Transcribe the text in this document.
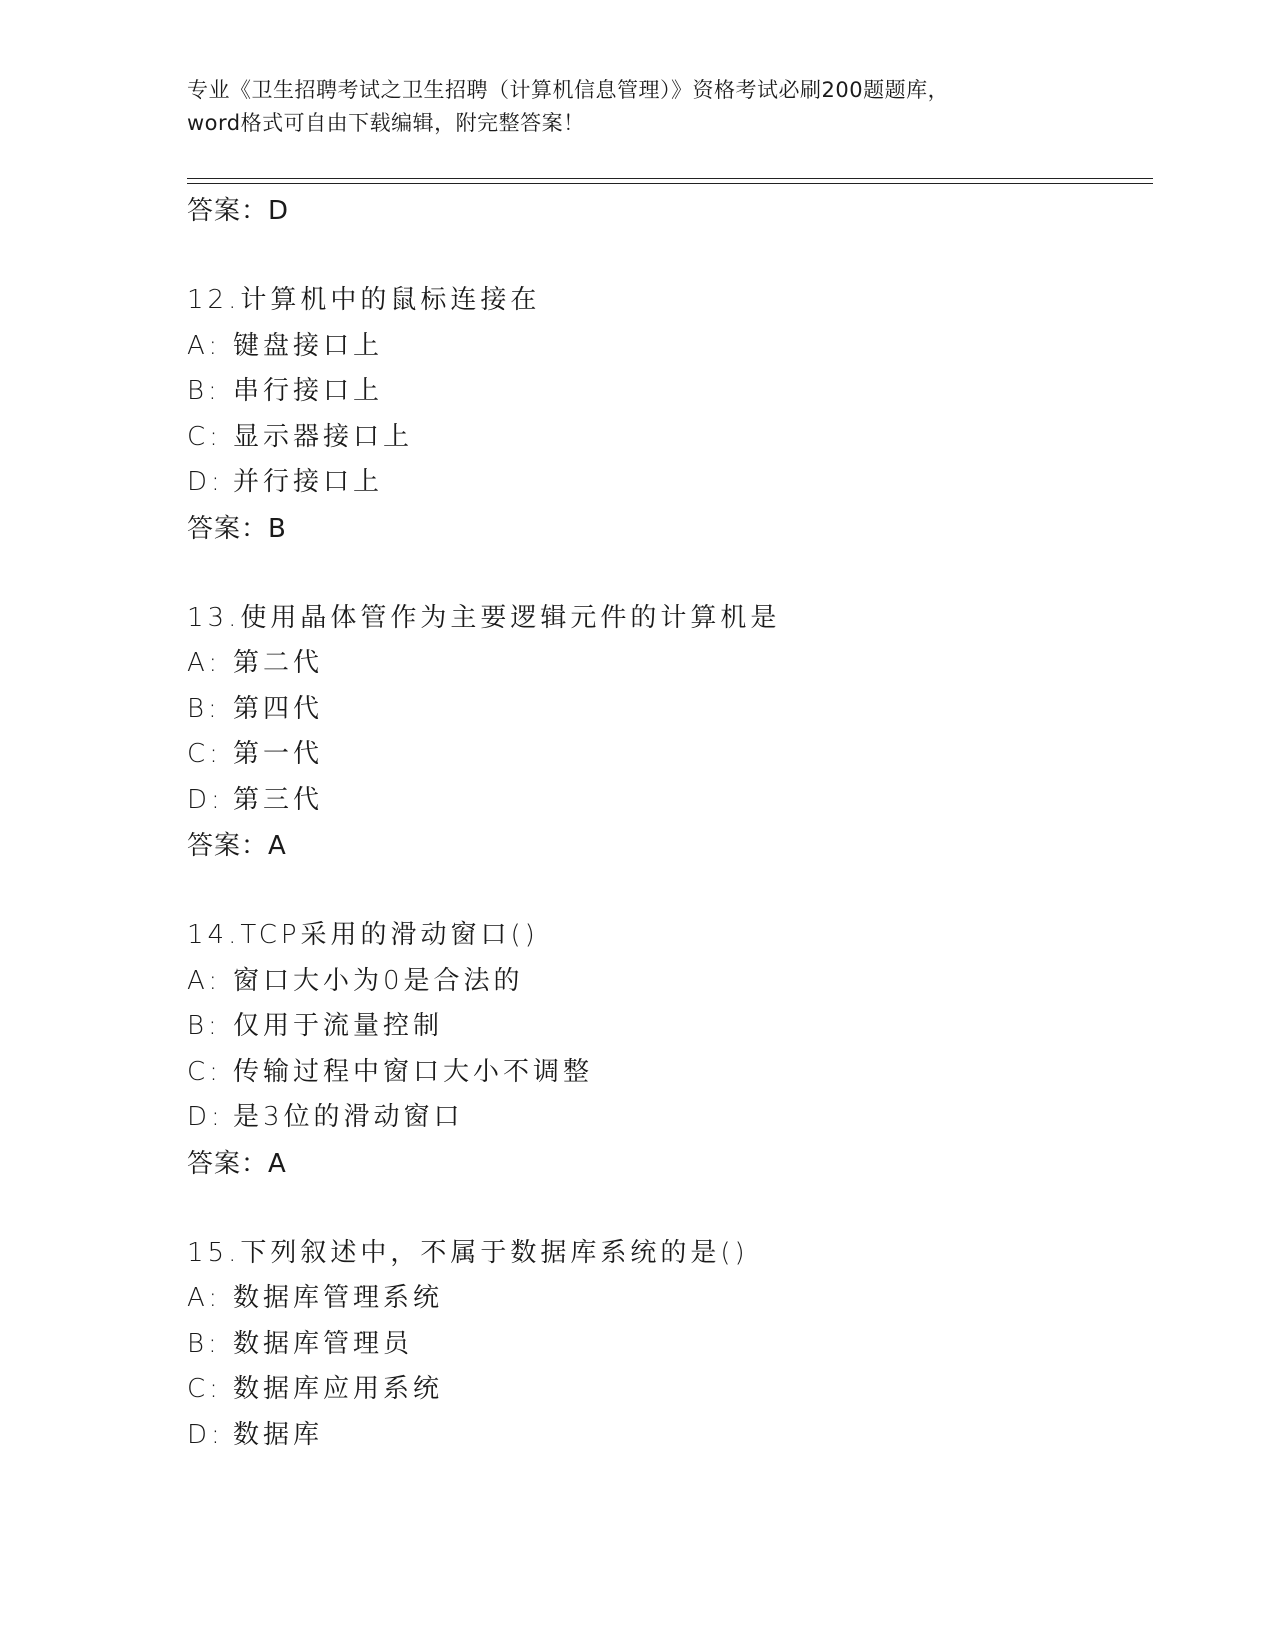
专业《卫生招聘考试之卫生招聘（计算机信息管理）》资格考试必刷200题题库，
word格式可自由下载编辑，附完整答案！
答案：D
12.计算机中的鼠标连接在
A: 键盘接口上
B: 串行接口上
C: 显示器接口上
D: 并行接口上
答案：B
13.使用晶体管作为主要逻辑元件的计算机是
A: 第二代
B: 第四代
C: 第一代
D: 第三代
答案：A
14.TCP采用的滑动窗口()
A: 窗口大小为0是合法的
B: 仅用于流量控制
C: 传输过程中窗口大小不调整
D: 是3位的滑动窗口
答案：A
15.下列叙述中，不属于数据库系统的是()
A: 数据库管理系统
B: 数据库管理员
C: 数据库应用系统
D: 数据库
